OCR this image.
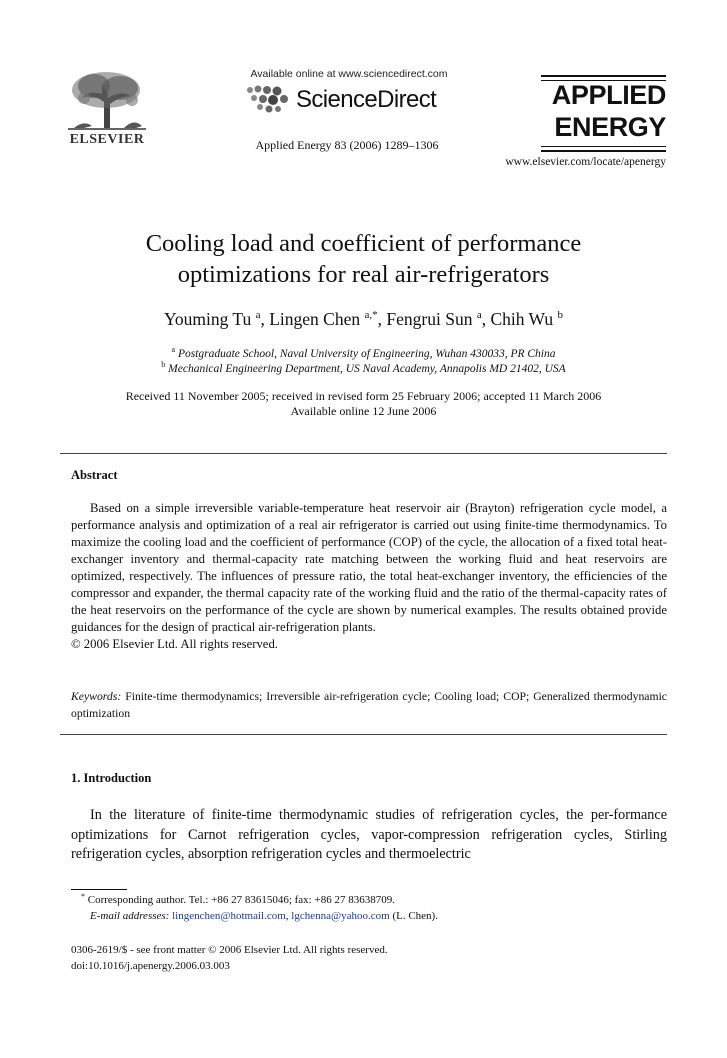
ELSEVIER
Available online at www.sciencedirect.com
ScienceDirect
Applied Energy 83 (2006) 1289–1306
APPLIED
ENERGY
www.elsevier.com/locate/apenergy
Cooling load and coefficient of performance
optimizations for real air-refrigerators
Youming Tu $^a$, Lingen Chen $^{a,*}$, Fengrui Sun $^a$, Chih Wu $^b$
$^a$ Postgraduate School, Naval University of Engineering, Wuhan 430033, PR China
$^b$ Mechanical Engineering Department, US Naval Academy, Annapolis MD 21402, USA
Received 11 November 2005; received in revised form 25 February 2006; accepted 11 March 2006
Available online 12 June 2006
Abstract

Based on a simple irreversible variable-temperature heat reservoir air (Brayton) refrigeration cycle model, a performance analysis and optimization of a real air refrigerator is carried out using finite-time thermodynamics. To maximize the cooling load and the coefficient of performance (COP) of the cycle, the allocation of a fixed total heat-exchanger inventory and thermal-capacity rate matching between the working fluid and heat reservoirs are optimized, respectively. The influences of pressure ratio, the total heat-exchanger inventory, the efficiencies of the compressor and expander, the thermal capacity rate of the working fluid and the ratio of the thermal-capacity rates of the heat reservoirs on the performance of the cycle are shown by numerical examples. The results obtained provide guidances for the design of practical air-refrigeration plants.

© 2006 Elsevier Ltd. All rights reserved.

Keywords: Finite-time thermodynamics; Irreversible air-refrigeration cycle; Cooling load; COP; Generalized thermodynamic optimization
1. Introduction

In the literature of finite-time thermodynamic studies of refrigeration cycles, the per-formance optimizations for Carnot refrigeration cycles, vapor-compression refrigeration cycles, Stirling refrigeration cycles, absorption refrigeration cycles and thermoelectric

* Corresponding author. Tel.: +86 27 83615046; fax: +86 27 83638709.
E-mail addresses: lingenchen@hotmail.com, lgchenna@yahoo.com (L. Chen).
0306-2619/$ - see front matter © 2006 Elsevier Ltd. All rights reserved.
doi:10.1016/j.apenergy.2006.03.003
